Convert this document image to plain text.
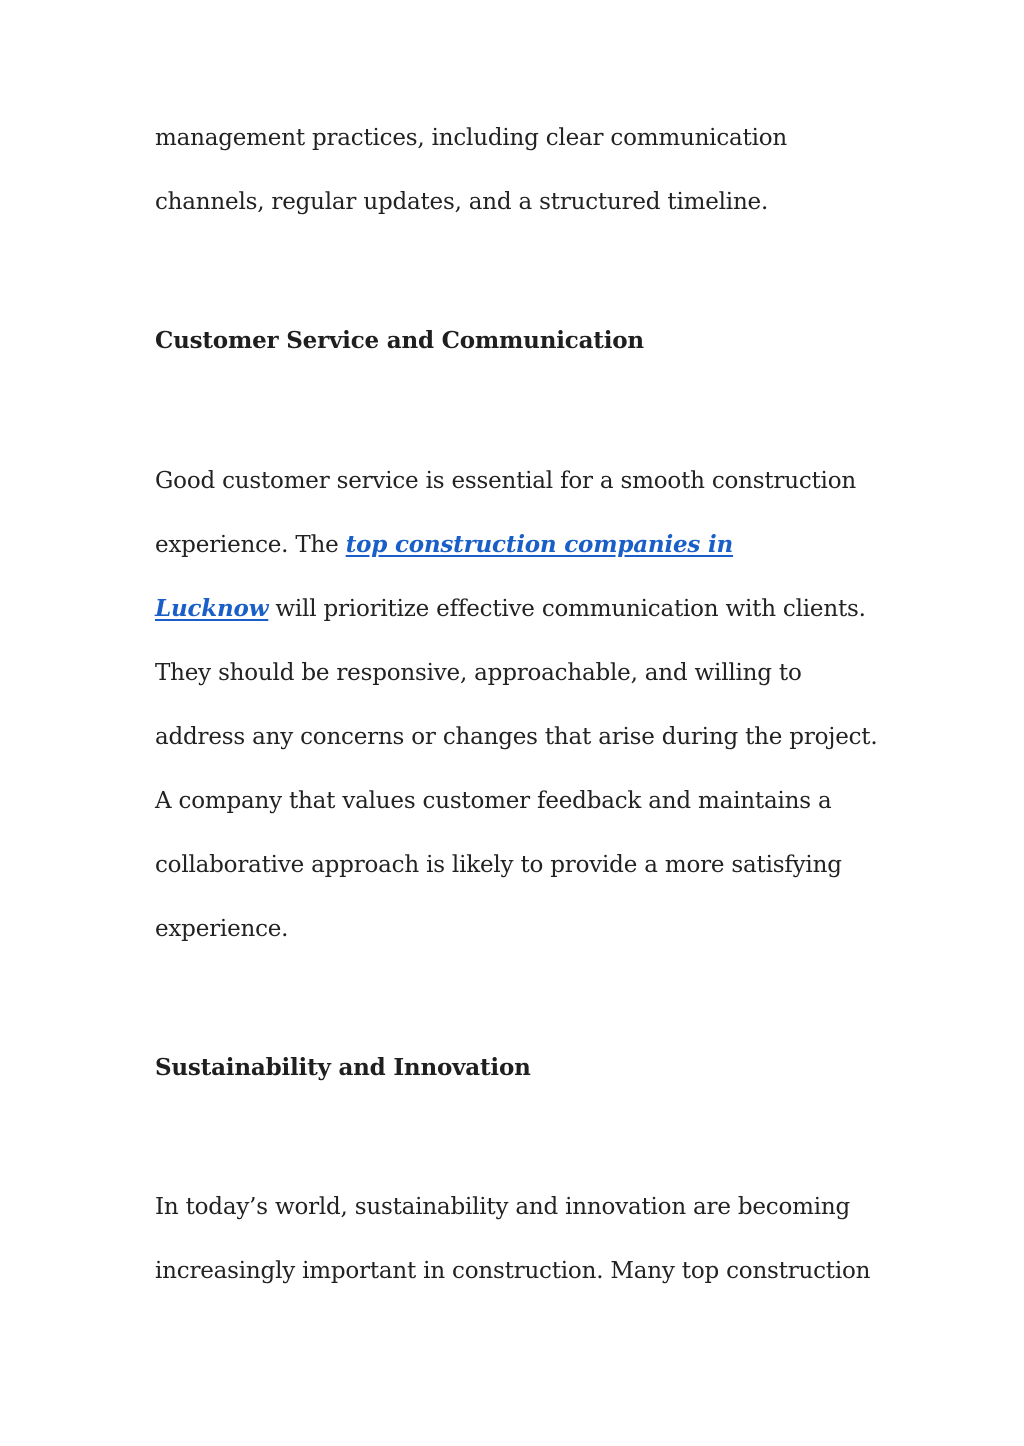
management practices, including clear communication
channels, regular updates, and a structured timeline.
Customer Service and Communication
Good customer service is essential for a smooth construction
experience. The top construction companies in
Lucknow will prioritize effective communication with clients.
They should be responsive, approachable, and willing to
address any concerns or changes that arise during the project.
A company that values customer feedback and maintains a
collaborative approach is likely to provide a more satisfying
experience.
Sustainability and Innovation
In today’s world, sustainability and innovation are becoming
increasingly important in construction. Many top construction
